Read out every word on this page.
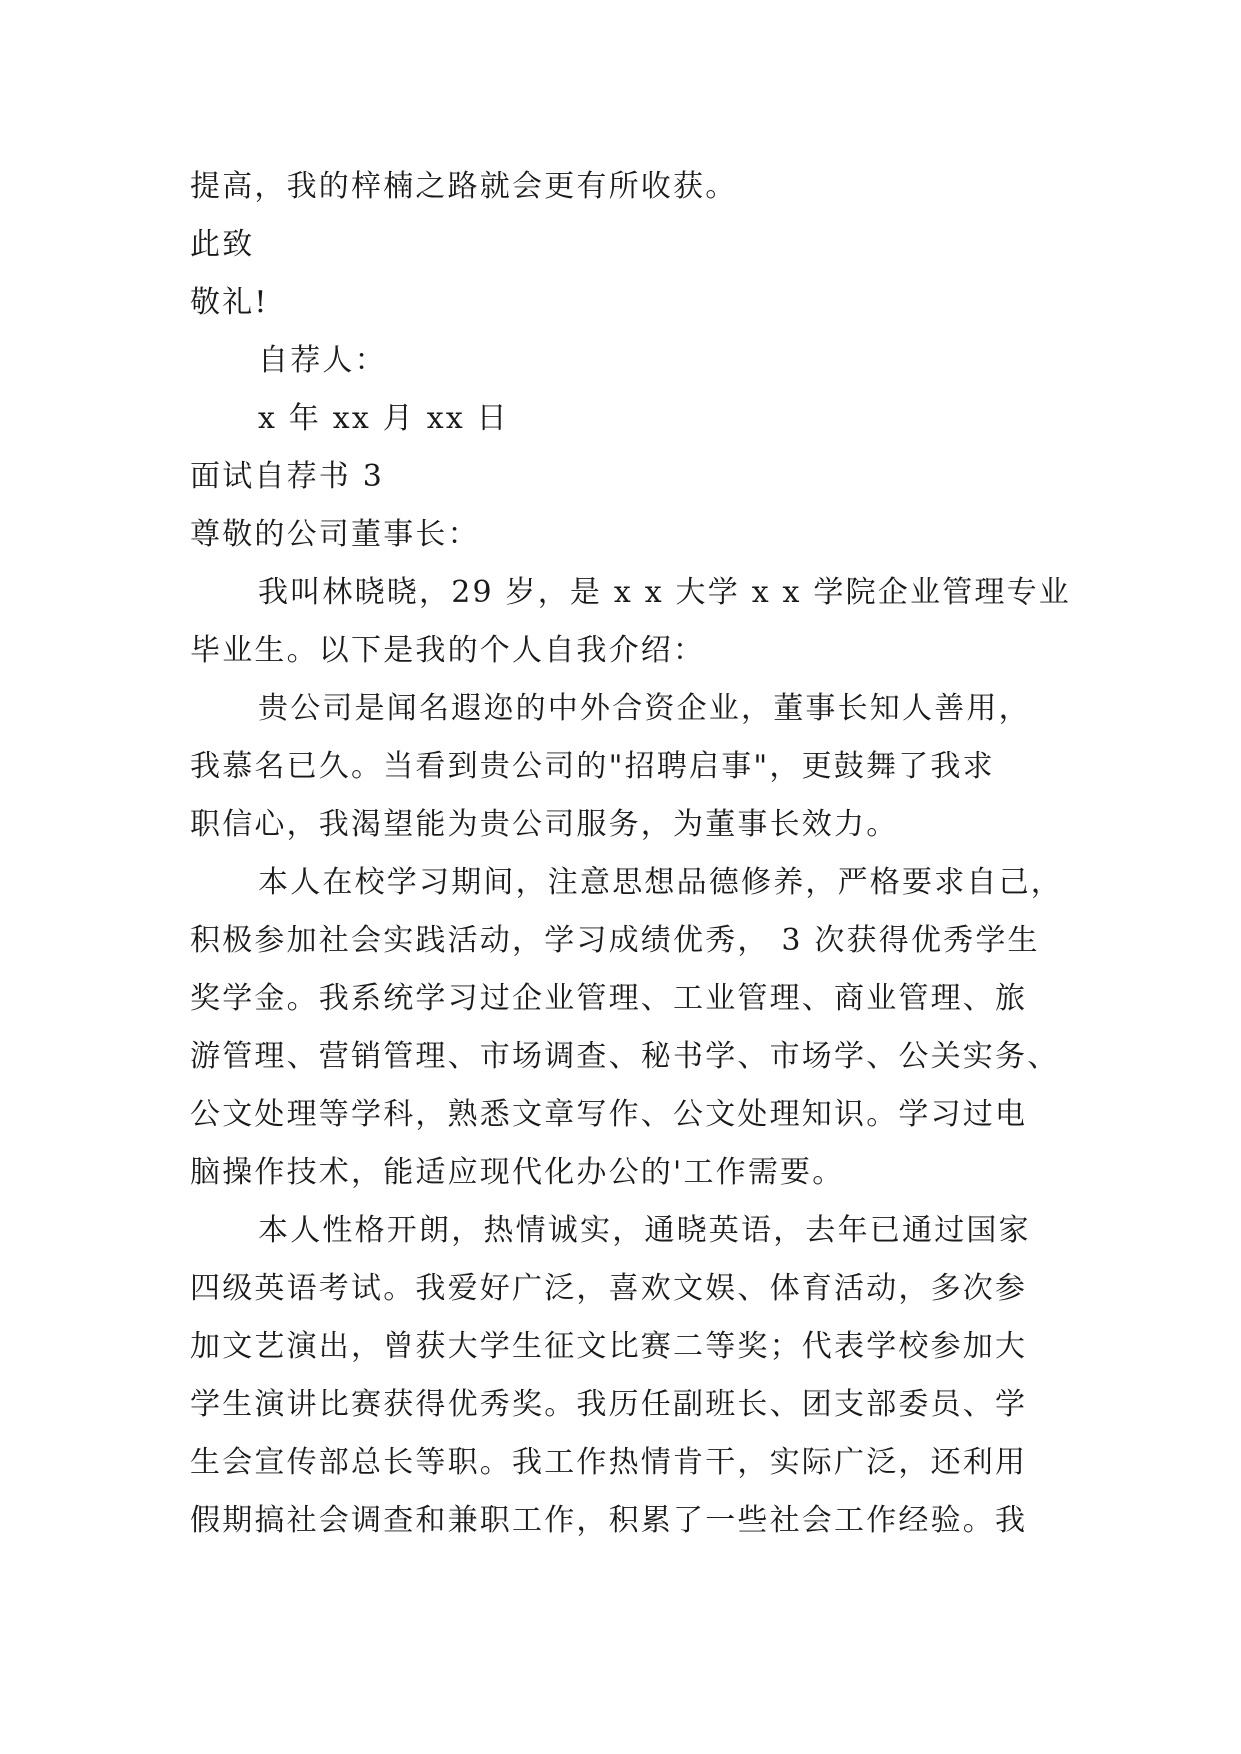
提高，我的梓楠之路就会更有所收获。
此致
敬礼!
自荐人：
x 年 xx 月 xx 日
面试自荐书 3
尊敬的公司董事长：
我叫林晓晓，29 岁，是 x x 大学 x x 学院企业管理专业
毕业生。以下是我的个人自我介绍：
贵公司是闻名遐迩的中外合资企业，董事长知人善用，
我慕名已久。当看到贵公司的"招聘启事"，更鼓舞了我求
职信心，我渴望能为贵公司服务，为董事长效力。
本人在校学习期间，注意思想品德修养，严格要求自己，
积极参加社会实践活动，学习成绩优秀， 3 次获得优秀学生
奖学金。我系统学习过企业管理、工业管理、商业管理、旅
游管理、营销管理、市场调查、秘书学、市场学、公关实务、
公文处理等学科，熟悉文章写作、公文处理知识。学习过电
脑操作技术，能适应现代化办公的'工作需要。
本人性格开朗，热情诚实，通晓英语，去年已通过国家
四级英语考试。我爱好广泛，喜欢文娱、体育活动，多次参
加文艺演出，曾获大学生征文比赛二等奖；代表学校参加大
学生演讲比赛获得优秀奖。我历任副班长、团支部委员、学
生会宣传部总长等职。我工作热情肯干，实际广泛，还利用
假期搞社会调查和兼职工作，积累了一些社会工作经验。我
